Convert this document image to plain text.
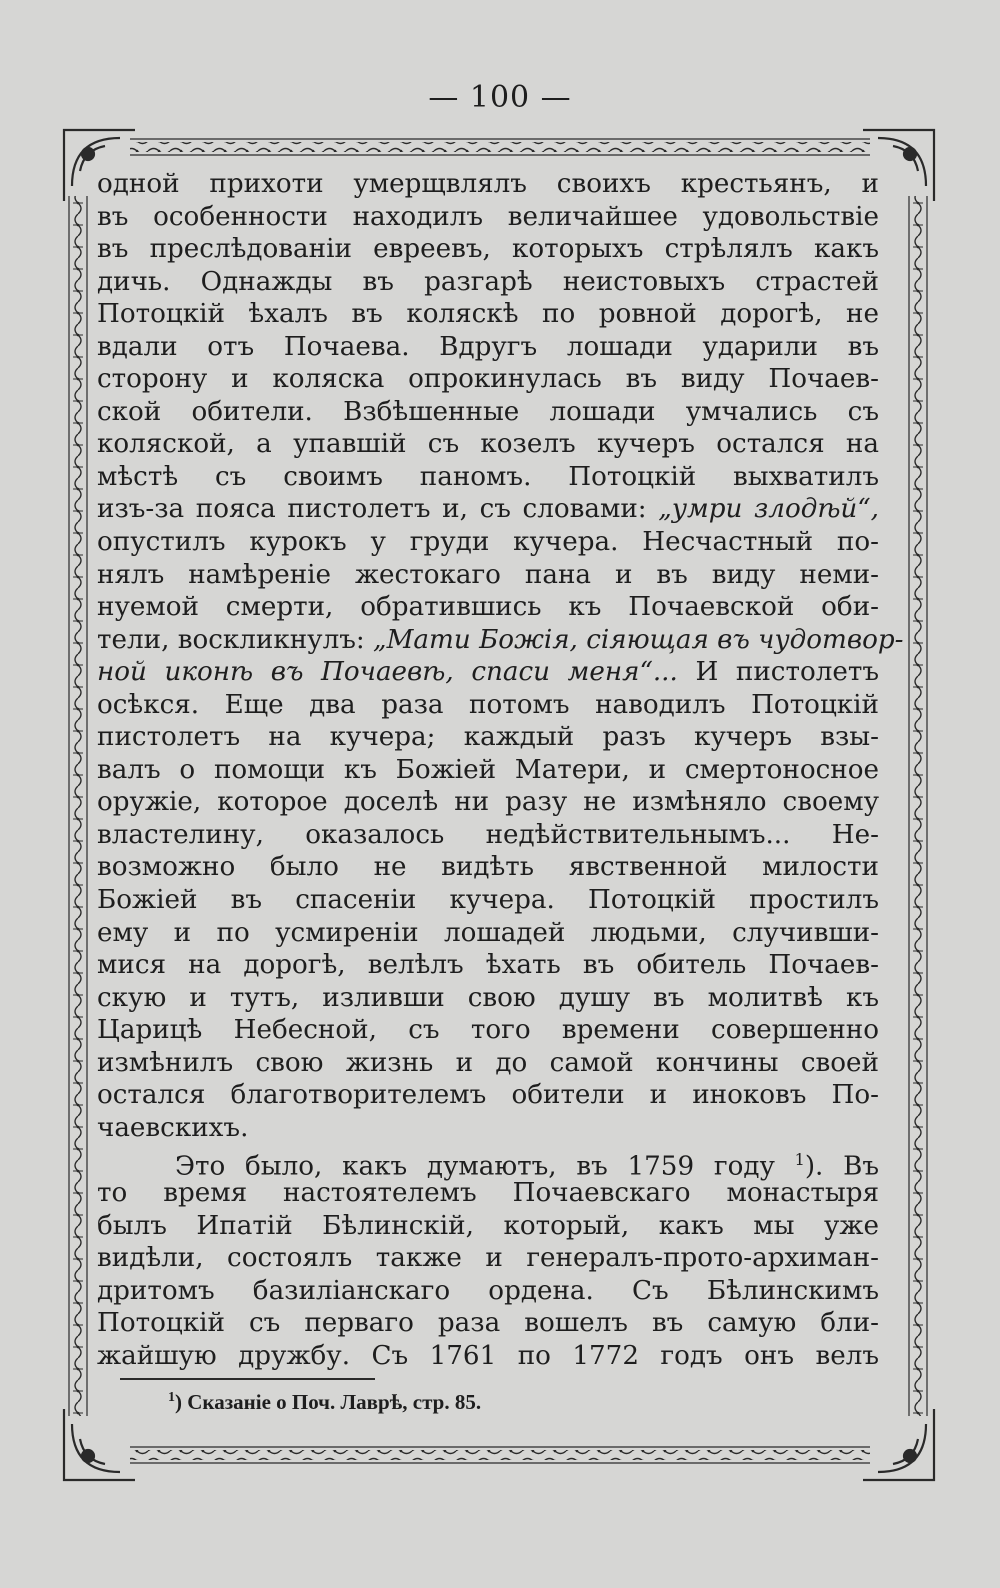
— 100 —
одной прихоти умерщвлялъ своихъ крестьянъ, и
въ особенности находилъ величайшее удовольствіе
въ преслѣдованіи евреевъ, которыхъ стрѣлялъ какъ
дичь. Однажды въ разгарѣ неистовыхъ страстей
Потоцкій ѣхалъ въ коляскѣ по ровной дорогѣ, не
вдали отъ Почаева. Вдругъ лошади ударили въ
сторону и коляска опрокинулась въ виду Почаев-
ской обители. Взбѣшенные лошади умчались съ
коляской, а упавшій съ козелъ кучеръ остался на
мѣстѣ съ своимъ паномъ. Потоцкій выхватилъ
изъ-за пояса пистолетъ и, съ словами: „умри злодѣй“,
опустилъ курокъ у груди кучера. Несчастный по-
нялъ намѣреніе жестокаго пана и въ виду неми-
нуемой смерти, обратившись къ Почаевской оби-
тели, воскликнулъ: „Мати Божія, сіяющая въ чудотвор-
ной иконѣ въ Почаевѣ, спаси меня“... И пистолетъ
осѣкся. Еще два раза потомъ наводилъ Потоцкій
пистолетъ на кучера; каждый разъ кучеръ взы-
валъ о помощи къ Божіей Матери, и смертоносное
оружіе, которое доселѣ ни разу не измѣняло своему
властелину, оказалось недѣйствительнымъ... Не-
возможно было не видѣть явственной милости
Божіей въ спасеніи кучера. Потоцкій простилъ
ему и по усмиреніи лошадей людьми, случивши-
мися на дорогѣ, велѣлъ ѣхать въ обитель Почаев-
скую и тутъ, изливши свою душу въ молитвѣ къ
Царицѣ Небесной, съ того времени совершенно
измѣнилъ свою жизнь и до самой кончины своей
остался благотворителемъ обители и иноковъ По-
чаевскихъ.
Это было, какъ думаютъ, въ 1759 году $^1$). Въ
то время настоятелемъ Почаевскаго монастыря
былъ Ипатій Бѣлинскій, который, какъ мы уже
видѣли, состоялъ также и генералъ-прото-архиман-
дритомъ базиліанскаго ордена. Съ Бѣлинскимъ
Потоцкій съ перваго раза вошелъ въ самую бли-
жайшую дружбу. Съ 1761 по 1772 годъ онъ велъ
$^1$) Сказаніе о Поч. Лаврѣ, стр. 85.
